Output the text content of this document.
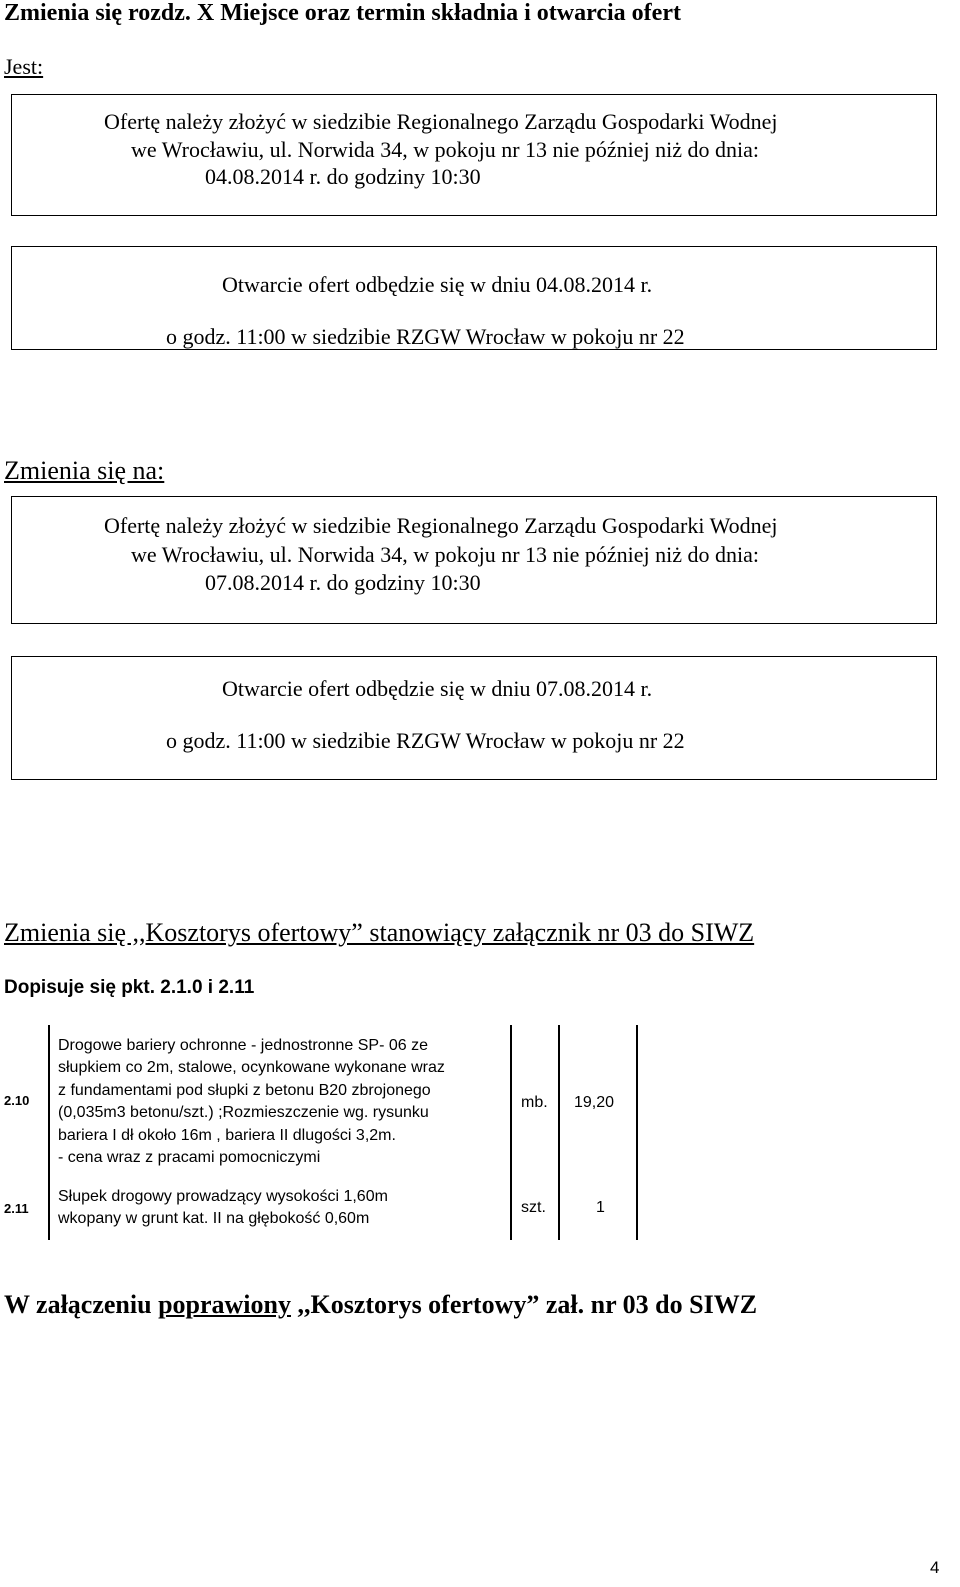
Zmienia się rozdz. X Miejsce oraz termin składnia i otwarcia ofert
Jest:
Ofertę należy złożyć w siedzibie Regionalnego Zarządu Gospodarki Wodnej
we Wrocławiu, ul. Norwida 34, w pokoju nr 13 nie później niż do dnia:
04.08.2014 r. do godziny 10:30
Otwarcie ofert odbędzie się w dniu 04.08.2014 r.
o godz. 11:00 w siedzibie RZGW Wrocław w pokoju nr 22
Zmienia się na:
Ofertę należy złożyć w siedzibie Regionalnego Zarządu Gospodarki Wodnej
we Wrocławiu, ul. Norwida 34, w pokoju nr 13 nie później niż do dnia:
07.08.2014 r. do godziny 10:30
Otwarcie ofert odbędzie się w dniu 07.08.2014 r.
o godz. 11:00 w siedzibie RZGW Wrocław w pokoju nr 22
Zmienia się ,,Kosztorys ofertowy” stanowiący załącznik nr 03 do SIWZ
Dopisuje się pkt. 2.1.0 i 2.11
2.10
Drogowe bariery ochronne - jednostronne SP- 06 ze
słupkiem co 2m, stalowe, ocynkowane wykonane wraz
z fundamentami pod słupki z betonu B20 zbrojonego
(0,035m3 betonu/szt.) ;Rozmieszczenie wg. rysunku
bariera I dł około 16m , bariera II dlugości 3,2m.
- cena wraz z pracami pomocniczymi
mb. 19,20
2.11
Słupek drogowy prowadzący wysokości 1,60m
wkopany w grunt kat. II na głębokość 0,60m
szt.	1
W załączeniu poprawiony ,,Kosztorys ofertowy” zał. nr 03 do SIWZ
4
